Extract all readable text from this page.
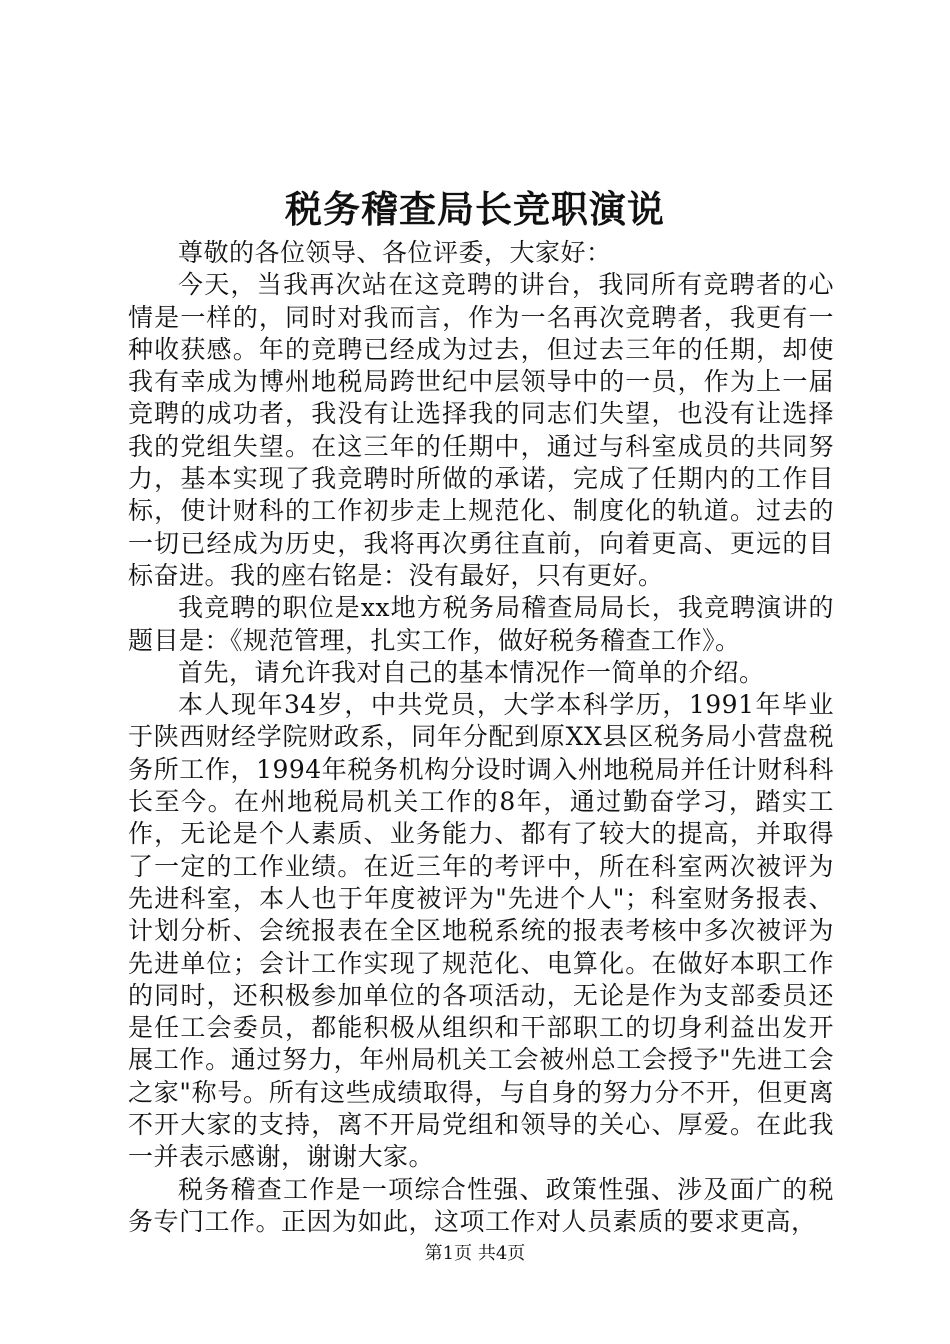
税务稽查局长竞职演说

尊敬的各位领导、各位评委，大家好：

今天，当我再次站在这竞聘的讲台，我同所有竞聘者的心情是一样的，同时对我而言，作为一名再次竞聘者，我更有一种收获感。年的竞聘已经成为过去，但过去三年的任期，却使我有幸成为博州地税局跨世纪中层领导中的一员，作为上一届竞聘的成功者，我没有让选择我的同志们失望，也没有让选择我的党组失望。在这三年的任期中，通过与科室成员的共同努力，基本实现了我竞聘时所做的承诺，完成了任期内的工作目标，使计财科的工作初步走上规范化、制度化的轨道。过去的一切已经成为历史，我将再次勇往直前，向着更高、更远的目标奋进。我的座右铭是：没有最好，只有更好。

我竞聘的职位是xx地方税务局稽查局局长，我竞聘演讲的题目是：《规范管理，扎实工作，做好税务稽查工作》。

首先，请允许我对自己的基本情况作一简单的介绍。

本人现年34岁，中共党员，大学本科学历，1991年毕业于陕西财经学院财政系，同年分配到原XX县区税务局小营盘税务所工作，1994年税务机构分设时调入州地税局并任计财科科长至今。在州地税局机关工作的8年，通过勤奋学习，踏实工作，无论是个人素质、业务能力、都有了较大的提高，并取得了一定的工作业绩。在近三年的考评中，所在科室两次被评为先进科室，本人也于年度被评为"先进个人"；科室财务报表、计划分析、会统报表在全区地税系统的报表考核中多次被评为先进单位；会计工作实现了规范化、电算化。在做好本职工作的同时，还积极参加单位的各项活动，无论是作为支部委员还是任工会委员，都能积极从组织和干部职工的切身利益出发开展工作。通过努力，年州局机关工会被州总工会授予"先进工会之家"称号。所有这些成绩取得，与自身的努力分不开，但更离不开大家的支持，离不开局党组和领导的关心、厚爱。在此我一并表示感谢，谢谢大家。

税务稽查工作是一项综合性强、政策性强、涉及面广的税务专门工作。正因为如此，这项工作对人员素质的要求更高，

第1页 共4页
